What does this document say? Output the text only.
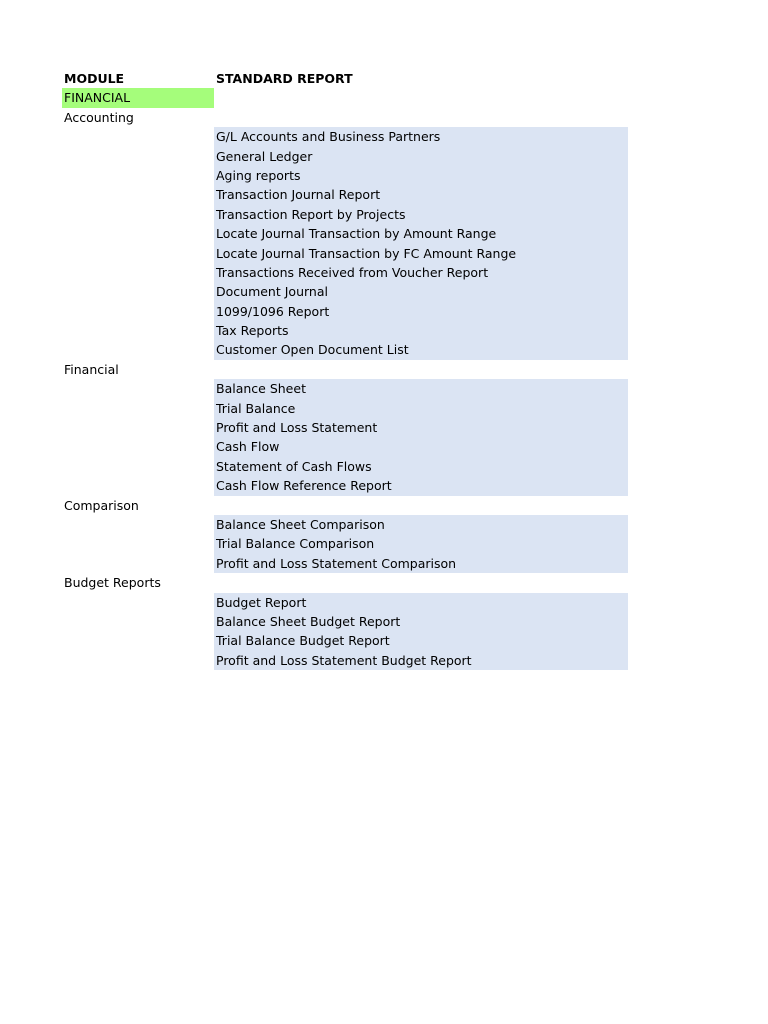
MODULE	STANDARD REPORT
FINANCIAL
Accounting
G/L Accounts and Business Partners
General Ledger
Aging reports
Transaction Journal Report
Transaction Report by Projects
Locate Journal Transaction by Amount Range
Locate Journal Transaction by FC Amount Range
Transactions Received from Voucher Report
Document Journal
1099/1096 Report
Tax Reports
Customer Open Document List
Financial
Balance Sheet
Trial Balance
Profit and Loss Statement
Cash Flow
Statement of Cash Flows
Cash Flow Reference Report
Comparison
Balance Sheet Comparison
Trial Balance Comparison
Profit and Loss Statement Comparison
Budget Reports
Budget Report
Balance Sheet Budget Report
Trial Balance Budget Report
Profit and Loss Statement Budget Report
